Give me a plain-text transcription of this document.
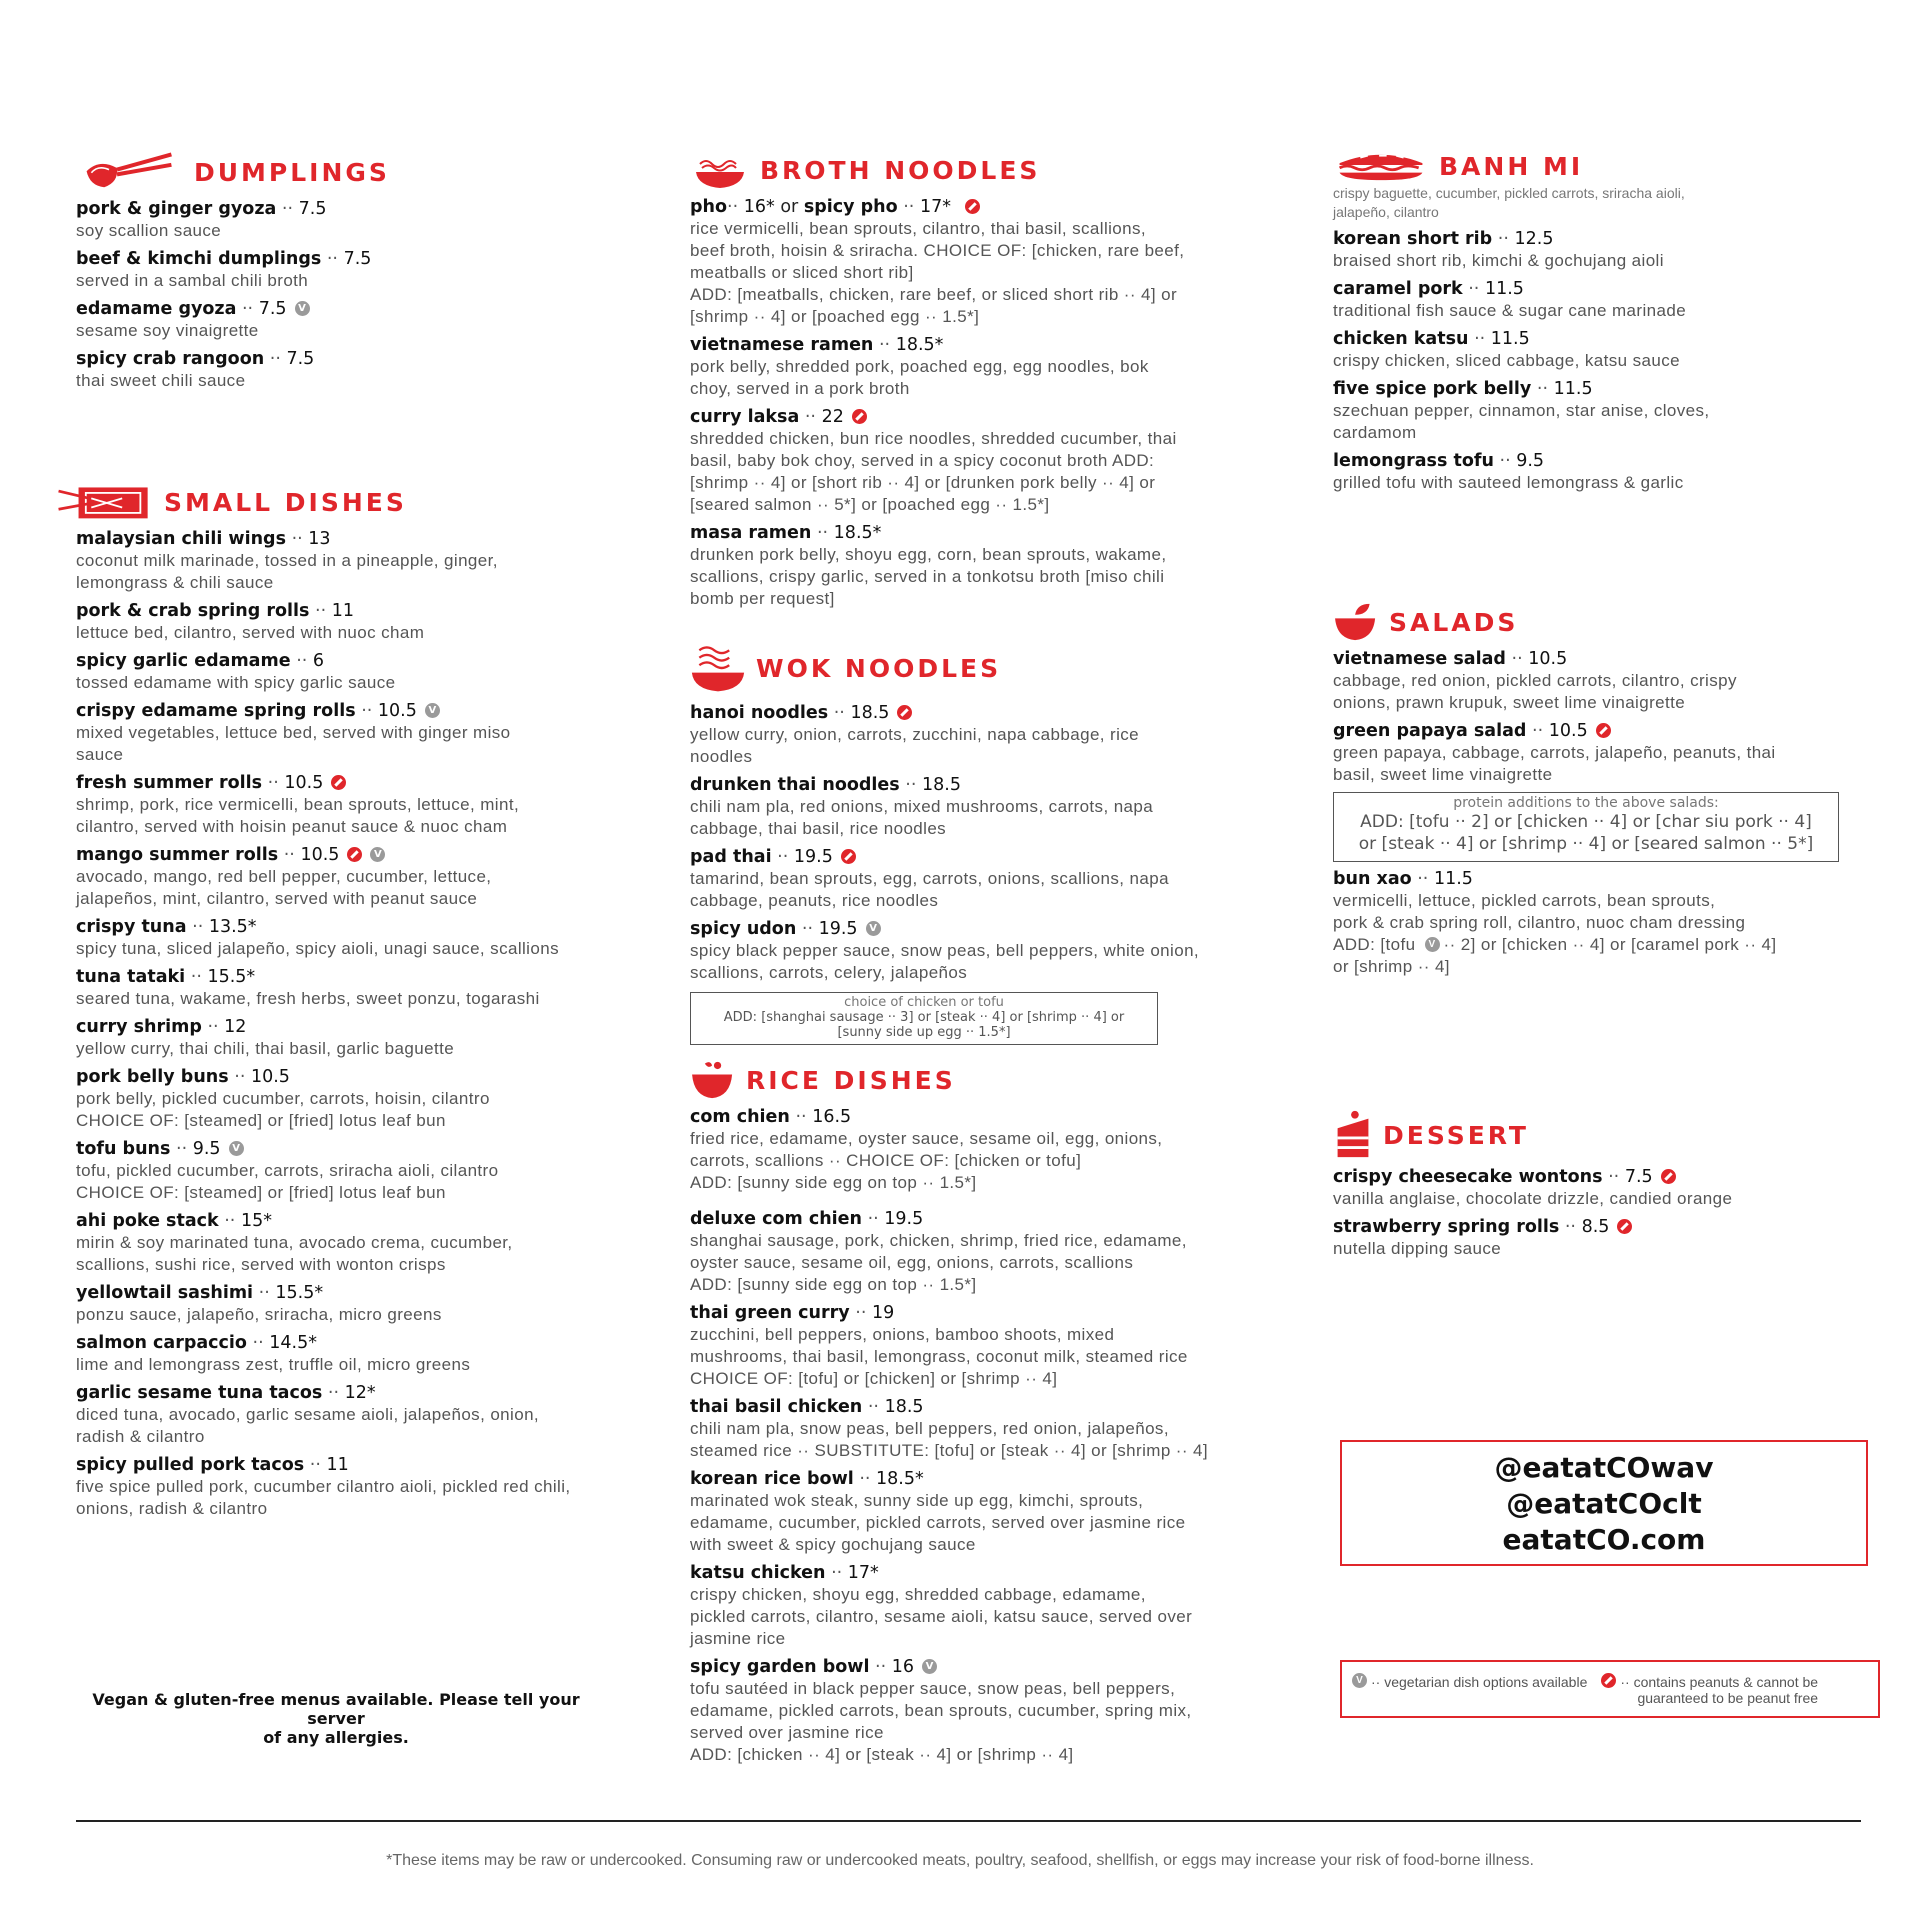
DUMPLINGS
pork & ginger gyoza ·· 7.5
soy scallion sauce
beef & kimchi dumplings ·· 7.5
served in a sambal chili broth
edamame gyoza ·· 7.5 V
sesame soy vinaigrette
spicy crab rangoon ·· 7.5
thai sweet chili sauce
SMALL DISHES
malaysian chili wings ·· 13
coconut milk marinade, tossed in a pineapple, ginger,
lemongrass & chili sauce
pork & crab spring rolls ·· 11
lettuce bed, cilantro, served with nuoc cham
spicy garlic edamame ·· 6
tossed edamame with spicy garlic sauce
crispy edamame spring rolls ·· 10.5 V
mixed vegetables, lettuce bed, served with ginger miso
sauce
fresh summer rolls ·· 10.5
shrimp, pork, rice vermicelli, bean sprouts, lettuce, mint,
cilantro, served with hoisin peanut sauce & nuoc cham
mango summer rolls ·· 10.5	V
avocado, mango, red bell pepper, cucumber, lettuce,
jalapeños, mint, cilantro, served with peanut sauce
crispy tuna ·· 13.5*
spicy tuna, sliced jalapeño, spicy aioli, unagi sauce, scallions
tuna tataki ·· 15.5*
seared tuna, wakame, fresh herbs, sweet ponzu, togarashi
curry shrimp ·· 12
yellow curry, thai chili, thai basil, garlic baguette
pork belly buns ·· 10.5
pork belly, pickled cucumber, carrots, hoisin, cilantro
CHOICE OF: [steamed] or [fried] lotus leaf bun
tofu buns ·· 9.5 V
tofu, pickled cucumber, carrots, sriracha aioli, cilantro
CHOICE OF: [steamed] or [fried] lotus leaf bun
ahi poke stack ·· 15*
mirin & soy marinated tuna, avocado crema, cucumber,
scallions, sushi rice, served with wonton crisps
yellowtail sashimi ·· 15.5*
ponzu sauce, jalapeño, sriracha, micro greens
salmon carpaccio ·· 14.5*
lime and lemongrass zest, truffle oil, micro greens
garlic sesame tuna tacos ·· 12*
diced tuna, avocado, garlic sesame aioli, jalapeños, onion,
radish & cilantro
spicy pulled pork tacos ·· 11
five spice pulled pork, cucumber cilantro aioli, pickled red chili,
onions, radish & cilantro
Vegan & gluten-free menus available. Please tell your server
of any allergies.
BROTH NOODLES
pho·· 16* or spicy pho ·· 17*
rice vermicelli, bean sprouts, cilantro, thai basil, scallions,
beef broth, hoisin & sriracha. CHOICE OF: [chicken, rare beef,
meatballs or sliced short rib]
ADD: [meatballs, chicken, rare beef, or sliced short rib ·· 4] or
[shrimp ·· 4] or [poached egg ·· 1.5*]
vietnamese ramen ·· 18.5*
pork belly, shredded pork, poached egg, egg noodles, bok
choy, served in a pork broth
curry laksa ·· 22
shredded chicken, bun rice noodles, shredded cucumber, thai
basil, baby bok choy, served in a spicy coconut broth ADD:
[shrimp ·· 4] or [short rib ·· 4] or [drunken pork belly ·· 4] or
[seared salmon ·· 5*] or [poached egg ·· 1.5*]
masa ramen ·· 18.5*
drunken pork belly, shoyu egg, corn, bean sprouts, wakame,
scallions, crispy garlic, served in a tonkotsu broth [miso chili
bomb per request]
WOK NOODLES
hanoi noodles ·· 18.5
yellow curry, onion, carrots, zucchini, napa cabbage, rice
noodles
drunken thai noodles ·· 18.5
chili nam pla, red onions, mixed mushrooms, carrots, napa
cabbage, thai basil, rice noodles
pad thai ·· 19.5
tamarind, bean sprouts, egg, carrots, onions, scallions, napa
cabbage, peanuts, rice noodles
spicy udon ·· 19.5 V
spicy black pepper sauce, snow peas, bell peppers, white onion,
scallions, carrots, celery, jalapeños
choice of chicken or tofu
ADD: [shanghai sausage ·· 3] or [steak ·· 4] or [shrimp ·· 4] or
[sunny side up egg ·· 1.5*]
RICE DISHES
com chien ·· 16.5
fried rice, edamame, oyster sauce, sesame oil, egg, onions,
carrots, scallions ·· CHOICE OF: [chicken or tofu]
ADD: [sunny side egg on top ·· 1.5*]
deluxe com chien ·· 19.5
shanghai sausage, pork, chicken, shrimp, fried rice, edamame,
oyster sauce, sesame oil, egg, onions, carrots, scallions
ADD: [sunny side egg on top ·· 1.5*]
thai green curry ·· 19
zucchini, bell peppers, onions, bamboo shoots, mixed
mushrooms, thai basil, lemongrass, coconut milk, steamed rice
CHOICE OF: [tofu] or [chicken] or [shrimp ·· 4]
thai basil chicken ·· 18.5
chili nam pla, snow peas, bell peppers, red onion, jalapeños,
steamed rice ·· SUBSTITUTE: [tofu] or [steak ·· 4] or [shrimp ·· 4]
korean rice bowl ·· 18.5*
marinated wok steak, sunny side up egg, kimchi, sprouts,
edamame, cucumber, pickled carrots, served over jasmine rice
with sweet & spicy gochujang sauce
katsu chicken ·· 17*
crispy chicken, shoyu egg, shredded cabbage, edamame,
pickled carrots, cilantro, sesame aioli, katsu sauce, served over
jasmine rice
spicy garden bowl ·· 16 V
tofu sautéed in black pepper sauce, snow peas, bell peppers,
edamame, pickled carrots, bean sprouts, cucumber, spring mix,
served over jasmine rice
ADD: [chicken ·· 4] or [steak ·· 4] or [shrimp ·· 4]
BANH MI
crispy baguette, cucumber, pickled carrots, sriracha aioli,
jalapeño, cilantro
korean short rib ·· 12.5
braised short rib, kimchi & gochujang aioli
caramel pork ·· 11.5
traditional fish sauce & sugar cane marinade
chicken katsu ·· 11.5
crispy chicken, sliced cabbage, katsu sauce
five spice pork belly ·· 11.5
szechuan pepper, cinnamon, star anise, cloves,
cardamom
lemongrass tofu ·· 9.5
grilled tofu with sauteed lemongrass & garlic
SALADS
vietnamese salad ·· 10.5
cabbage, red onion, pickled carrots, cilantro, crispy
onions, prawn krupuk, sweet lime vinaigrette
green papaya salad ·· 10.5
green papaya, cabbage, carrots, jalapeño, peanuts, thai
basil, sweet lime vinaigrette
protein additions to the above salads:
ADD: [tofu ·· 2] or [chicken ·· 4] or [char siu pork ·· 4]
or [steak ·· 4] or [shrimp ·· 4] or [seared salmon ·· 5*]
bun xao ·· 11.5
vermicelli, lettuce, pickled carrots, bean sprouts,
pork & crab spring roll, cilantro, nuoc cham dressing
ADD: [tofu V ·· 2] or [chicken ·· 4] or [caramel pork ·· 4]
or [shrimp ·· 4]
DESSERT
crispy cheesecake wontons ·· 7.5
vanilla anglaise, chocolate drizzle, candied orange
strawberry spring rolls ·· 8.5
nutella dipping sauce
@eatatCOwav
@eatatCOclt
eatatCO.com
V ·· vegetarian dish options available ·· contains peanuts & cannot be
guaranteed to be peanut free
*These items may be raw or undercooked. Consuming raw or undercooked meats, poultry, seafood, shellfish, or eggs may increase your risk of food-borne illness.
